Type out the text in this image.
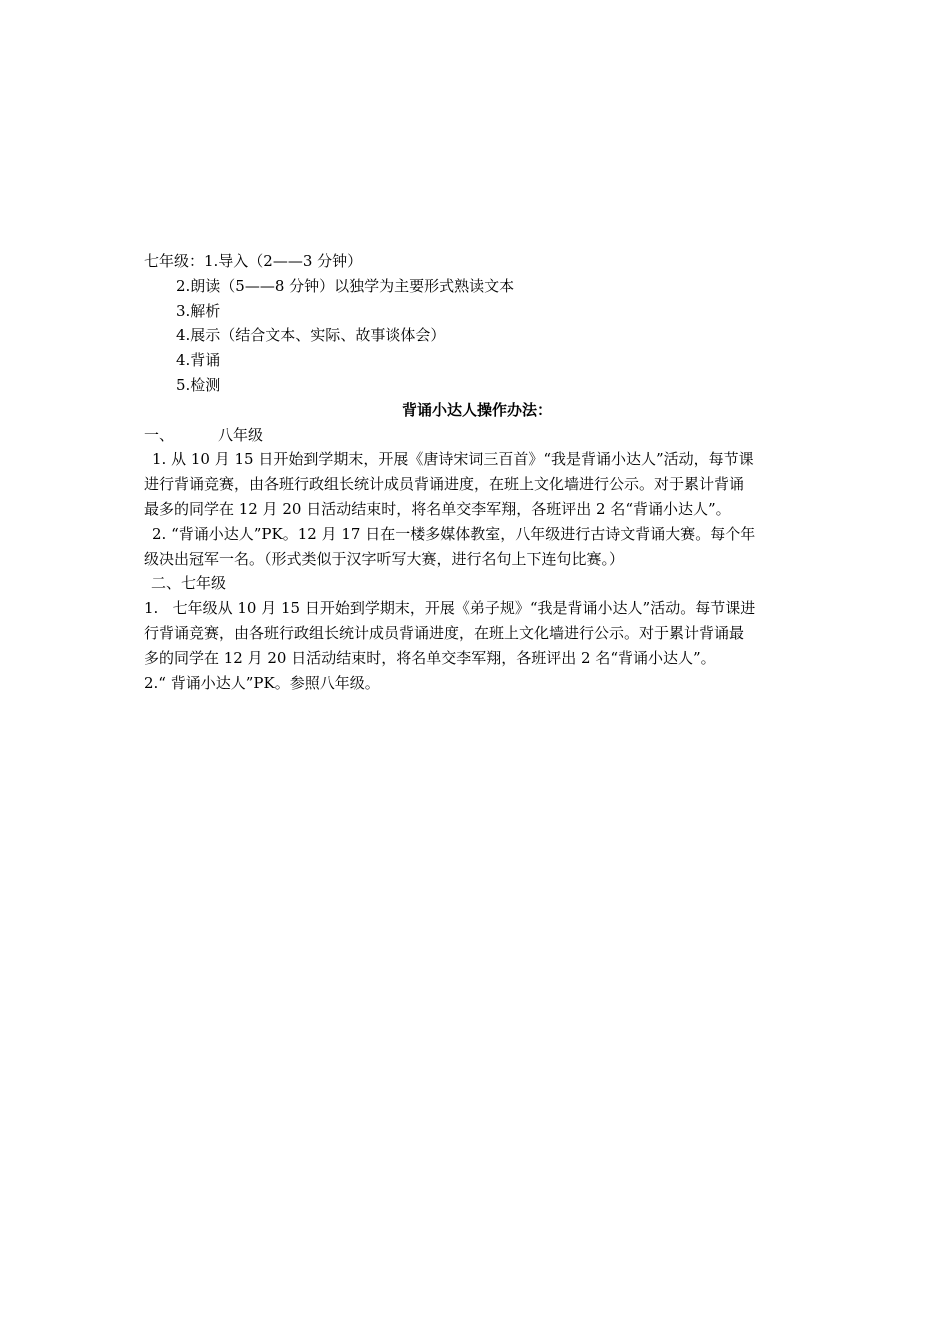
七年级：1.导入（2——3 分钟）

2.朗读（5——8 分钟）以独学为主要形式熟读文本

3.解析

4.展示（结合文本、实际、故事谈体会）

4.背诵

5.检测

背诵小达人操作办法：

一、	八年级

1. 从 10 月 15 日开始到学期末，开展《唐诗宋词三百首》“我是背诵小达人”活动，每节课

进行背诵竞赛，由各班行政组长统计成员背诵进度，在班上文化墙进行公示。对于累计背诵

最多的同学在 12 月 20 日活动结束时，将名单交李军翔，各班评出 2 名“背诵小达人”。

2. “背诵小达人”PK。12 月 17 日在一楼多媒体教室，八年级进行古诗文背诵大赛。每个年

级决出冠军一名。（形式类似于汉字听写大赛，进行名句上下连句比赛。）

二、七年级

1.   七年级从 10 月 15 日开始到学期末，开展《弟子规》“我是背诵小达人”活动。每节课进

行背诵竞赛，由各班行政组长统计成员背诵进度，在班上文化墙进行公示。对于累计背诵最

多的同学在 12 月 20 日活动结束时，将名单交李军翔，各班评出 2 名“背诵小达人”。

2.“ 背诵小达人”PK。参照八年级。
